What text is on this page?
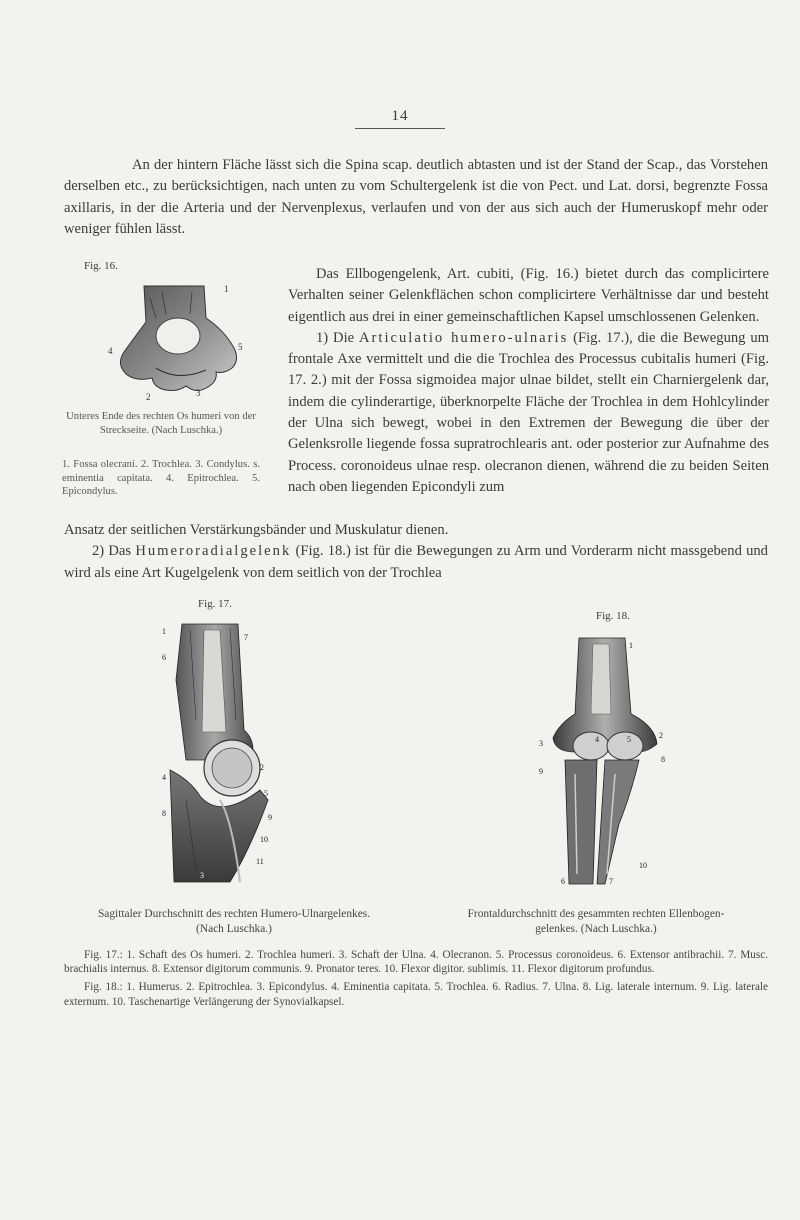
14

An der hintern Fläche lässt sich die Spina scap. deutlich abtasten und ist der Stand der Scap., das Vorstehen derselben etc., zu berücksichtigen, nach unten zu vom Schultergelenk ist die von Pect. und Lat. dorsi, begrenzte Fossa axillaris, in der die Arteria und der Nervenplexus, verlaufen und von der aus sich auch der Humeruskopf mehr oder weniger fühlen lässt.

Fig. 16.
1
4	5
2	3
Unteres Ende des rechten Os humeri von der Streckseite. (Nach Luschka.)
1. Fossa olecrani. 2. Trochlea. 3. Condylus. s. eminentia capitata. 4. Epitrochlea. 5. Epicondylus.

Das Ellbogengelenk, Art. cubiti, (Fig. 16.) bietet durch das complicirtere Verhalten seiner Gelenkflächen schon complicirtere Verhältnisse dar und besteht eigentlich aus drei in einer gemeinschaftlichen Kapsel umschlossenen Gelenken.

1) Die Articulatio humero-ulnaris (Fig. 17.), die die Bewegung um frontale Axe vermittelt und die die Trochlea des Processus cubitalis humeri (Fig. 17. 2.) mit der Fossa sigmoidea major ulnae bildet, stellt ein Charniergelenk dar, indem die cylinderartige, überknorpelte Fläche der Trochlea in dem Hohlcylinder der Ulna sich bewegt, wobei in den Extremen der Bewegung die über der Gelenksrolle liegende fossa supratrochlearis ant. oder posterior zur Aufnahme des Process. coronoideus ulnae resp. olecranon dienen, während die zu beiden Seiten nach oben liegenden Epicondyli zum

Ansatz der seitlichen Verstärkungsbänder und Muskulatur dienen.

2) Das Humeroradialgelenk (Fig. 18.) ist für die Bewegungen zu Arm und Vorderarm nicht massgebend und wird als eine Art Kugelgelenk von dem seitlich von der Trochlea

Fig. 17.
1
6
7
2
4
5
8	9
10
11
3
Fig. 18.
1
2
3	4	5
8
9
10
6	7
Sagittaler Durchschnitt des rechten Humero-Ulnargelenkes.
(Nach Luschka.)
Frontaldurchschnitt des gesammten rechten Ellenbogen-
gelenkes. (Nach Luschka.)

Fig. 17.: 1. Schaft des Os humeri. 2. Trochlea humeri. 3. Schaft der Ulna. 4. Olecranon. 5. Processus coronoideus. 6. Extensor antibrachii. 7. Musc. brachialis internus. 8. Extensor digitorum communis. 9. Pronator teres. 10. Flexor digitor. sublimis. 11. Flexor digitorum profundus.

Fig. 18.: 1. Humerus. 2. Epitrochlea. 3. Epicondylus. 4. Eminentia capitata. 5. Trochlea. 6. Radius. 7. Ulna. 8. Lig. laterale internum. 9. Lig. laterale externum. 10. Taschenartige Verlängerung der Synovialkapsel.
